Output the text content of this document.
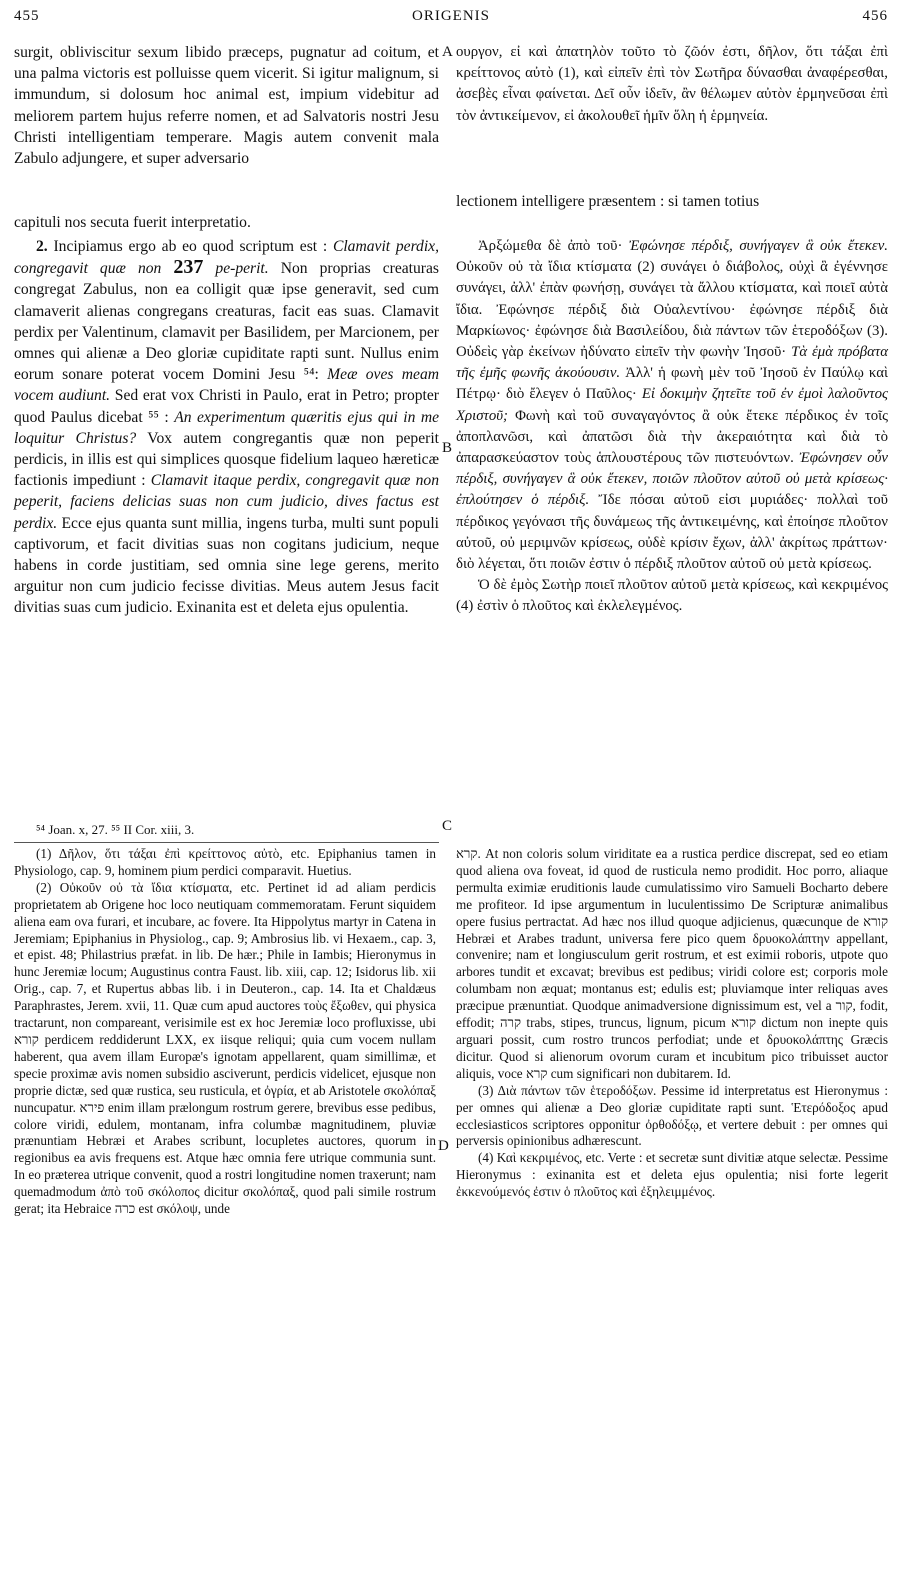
455	ORIGENIS	456

surgit, obliviscitur sexum libido præceps, pugnatur ad coitum, et una palma victoris est polluisse quem vicerit. Si igitur malignum, si immundum, si dolosum hoc animal est, impium videbitur ad meliorem partem hujus referre nomen, et ad Salvatoris nostri Jesu Christi intelligentiam temperare. Magis autem convenit mala Zabulo adjungere, et super adversario

A ουργον, εἰ καὶ ἀπατηλὸν τοῦτο τὸ ζῶόν ἐστι, δῆλον, ὅτι τάξαι ἐπὶ κρείττονος αὐτὸ (1), καὶ εἰπεῖν ἐπὶ τὸν Σωτῆρα δύνασθαι ἀναφέρεσθαι, ἀσεβὲς εἶναι φαίνεται. Δεῖ οὖν ἰδεῖν, ἂν θέλωμεν αὐτὸν ἑρμηνεῦσαι ἐπὶ τὸν ἀντικείμενον, εἰ ἀκολουθεῖ ἡμῖν ὅλη ἡ ἑρμηνεία.

lectionem intelligere præsentem : si tamen totius

capituli nos secuta fuerit interpretatio.

2. Incipiamus ergo ab eo quod scriptum est : Clamavit perdix, congregavit quæ non 237 pe-perit. Non proprias creaturas congregat Zabulus, non ea colligit quæ ipse generavit, sed cum clamaverit alienas congregans creaturas, facit eas suas. Clamavit perdix per Valentinum, clamavit per Basilidem, per Marcionem, per omnes qui alienæ a Deo gloriæ cupiditate rapti sunt. Nullus enim eorum sonare poterat vocem Domini Jesu ⁵⁴: Meæ oves meam vocem audiunt. Sed erat vox Christi in Paulo, erat in Petro; propter quod Paulus dicebat ⁵⁵ : An experimentum quæritis ejus qui in me loquitur Christus? Vox autem congregantis quæ non peperit perdicis, in illis est qui simplices quosque fidelium laqueo hæreticæ factionis impediunt : Clamavit itaque perdix, congregavit quæ non peperit, faciens delicias suas non cum judicio, dives factus est perdix. Ecce ejus quanta sunt millia, ingens turba, multi sunt populi captivorum, et facit divitias suas non cogitans judicium, neque habens in corde justitiam, sed omnia sine lege gerens, merito arguitur non cum judicio fecisse divitias. Meus autem Jesus facit divitias suas cum judicio. Exinanita est et deleta ejus opulentia.

B

Ἀρξώμεθα δὲ ἀπὸ τοῦ· Ἐφώνησε πέρδιξ, συνήγαγεν ἃ οὐκ ἔτεκεν. Οὐκοῦν οὐ τὰ ἴδια κτίσματα (2) συνάγει ὁ διάβολος, οὐχὶ ἃ ἐγέννησε συνάγει, ἀλλ' ἐπὰν φωνήσῃ, συνάγει τὰ ἄλλου κτίσματα, καὶ ποιεῖ αὐτὰ ἴδια. Ἐφώνησε πέρδιξ διὰ Οὐαλεντίνου· ἐφώνησε πέρδιξ διὰ Μαρκίωνος· ἐφώνησε διὰ Βασιλείδου, διὰ πάντων τῶν ἑτεροδόξων (3). Οὐδεὶς γὰρ ἐκείνων ἠδύνατο εἰπεῖν τὴν φωνὴν Ἰησοῦ· Τὰ ἐμὰ πρόβατα τῆς ἐμῆς φωνῆς ἀκούουσιν. Ἀλλ' ἡ φωνὴ μὲν τοῦ Ἰησοῦ ἐν Παύλῳ καὶ Πέτρῳ· διὸ ἔλεγεν ὁ Παῦλος· Εἰ δοκιμὴν ζητεῖτε τοῦ ἐν ἐμοὶ λαλοῦντος Χριστοῦ; Φωνὴ καὶ τοῦ συναγαγόντος ἃ οὐκ ἔτεκε πέρδικος ἐν τοῖς ἀποπλανῶσι, καὶ ἀπατῶσι διὰ τὴν ἀκεραιότητα καὶ διὰ τὸ ἀπαρασκεύαστον τοὺς ἁπλουστέρους τῶν πιστευόντων. Ἐφώνησεν οὖν πέρδιξ, συνήγαγεν ἃ οὐκ ἔτεκεν, ποιῶν πλοῦτον αὐτοῦ οὐ μετὰ κρίσεως· ἐπλούτησεν ὁ πέρδιξ. Ἴδε πόσαι αὐτοῦ εἰσι μυριάδες· πολλαὶ τοῦ πέρδικος γεγόνασι τῆς δυνάμεως τῆς ἀντικειμένης, καὶ ἐποίησε πλοῦτον αὐτοῦ, οὐ μεριμνῶν κρίσεως, οὐδὲ κρίσιν ἔχων, ἀλλ' ἀκρίτως πράττων· διὸ λέγεται, ὅτι ποιῶν ἐστιν ὁ πέρδιξ πλοῦτον αὐτοῦ οὐ μετὰ κρίσεως.

Ὁ δὲ ἐμὸς Σωτὴρ ποιεῖ πλοῦτον αὐτοῦ μετὰ κρίσεως, καὶ κεκριμένος (4) ἐστὶν ὁ πλοῦτος καὶ ἐκλελεγμένος.

C
⁵⁴ Joan. x, 27. ⁵⁵ II Cor. xiii, 3.

(1) Δῆλον, ὅτι τάξαι ἐπὶ κρείττονος αὐτὸ, etc. Epiphanius tamen in Physiologo, cap. 9, hominem pium perdici comparavit. Huetius.

(2) Οὐκοῦν οὐ τὰ ἴδια κτίσματα, etc. Pertinet id ad aliam perdicis proprietatem ab Origene hoc loco neutiquam commemoratam. Ferunt siquidem aliena eam ova furari, et incubare, ac fovere. Ita Hippolytus martyr in Catena in Jeremiam; Epiphanius in Physiolog., cap. 9; Ambrosius lib. vi Hexaem., cap. 3, et epist. 48; Philastrius præfat. in lib. De hær.; Phile in Iambis; Hieronymus in hunc Jeremiæ locum; Augustinus contra Faust. lib. xiii, cap. 12; Isidorus lib. xii Orig., cap. 7, et Rupertus abbas lib. i in Deuteron., cap. 14. Ita et Chaldæus Paraphrastes, Jerem. xvii, 11. Quæ cum apud auctores τοὺς ἔξωθεν, qui physica tractarunt, non compareant, verisimile est ex hoc Jeremiæ loco profluxisse, ubi קורא perdicem reddiderunt LXX, ex iisque reliqui; quia cum vocem nullam haberent, qua avem illam Europæ's ignotam appellarent, quam simillimæ, et specie proximæ avis nomen subsidio asciverunt, perdicis videlicet, ejusque non proprie dictæ, sed quæ rustica, seu rusticula, et ὀγρία, et ab Aristotele σκολόπαξ nuncupatur. פירא enim illam prælongum rostrum gerere, brevibus esse pedibus, colore viridi, edulem, montanam, infra columbæ magnitudinem, pluviæ prænuntiam Hebræi et Arabes scribunt, locupletes auctores, quorum in regionibus ea avis frequens est. Atque hæc omnia fere utrique communia sunt. In eo præterea utrique convenit, quod a rostri longitudine nomen traxerunt; nam quemadmodum ἀπὸ τοῦ σκόλοπος dicitur σκολόπαξ, quod pali simile rostrum gerat; ita Hebraice כרה est σκόλοψ, unde

D

קרא. At non coloris solum viriditate ea a rustica perdice discrepat, sed eo etiam quod aliena ova foveat, id quod de rusticula nemo prodidit. Hoc porro, aliaque permulta eximiæ eruditionis laude cumulatissimo viro Samueli Bocharto debere me profiteor. Id ipse argumentum in luculentissimo De Scripturæ animalibus opere fusius pertractat. Ad hæc nos illud quoque adjicienus, quæcunque de קורא Hebræi et Arabes tradunt, universa fere pico quem δρυοκολάπτην appellant, convenire; nam et longiusculum gerit rostrum, et est eximii roboris, utpote quo arbores tundit et excavat; brevibus est pedibus; viridi colore est; corporis mole columbam non æquat; montanus est; edulis est; pluviamque inter reliquas aves præcipue prænuntiat. Quodque animadversione dignissimum est, vel a קור, fodit, effodit; קרה trabs, stipes, truncus, lignum, picum קורא dictum non inepte quis arguari possit, cum rostro truncos perfodiat; unde et δρυοκολάπτης Græcis dicitur. Quod si alienorum ovorum curam et incubitum pico tribuisset auctor aliquis, voce קרא cum significari non dubitarem. Id.

(3) Διὰ πάντων τῶν ἑτεροδόξων. Pessime id interpretatus est Hieronymus : per omnes qui alienæ a Deo gloriæ cupiditate rapti sunt. Ἑτερόδοξος apud ecclesiasticos scriptores opponitur ὀρθοδόξῳ, et vertere debuit : per omnes qui perversis opinionibus adhærescunt.

(4) Καὶ κεκριμένος, etc. Verte : et secretæ sunt divitiæ atque selectæ. Pessime Hieronymus : exinanita est et deleta ejus opulentia; nisi forte legerit ἐκκενούμενός ἐστιν ὁ πλοῦτος καὶ ἐξηλειμμένος.
